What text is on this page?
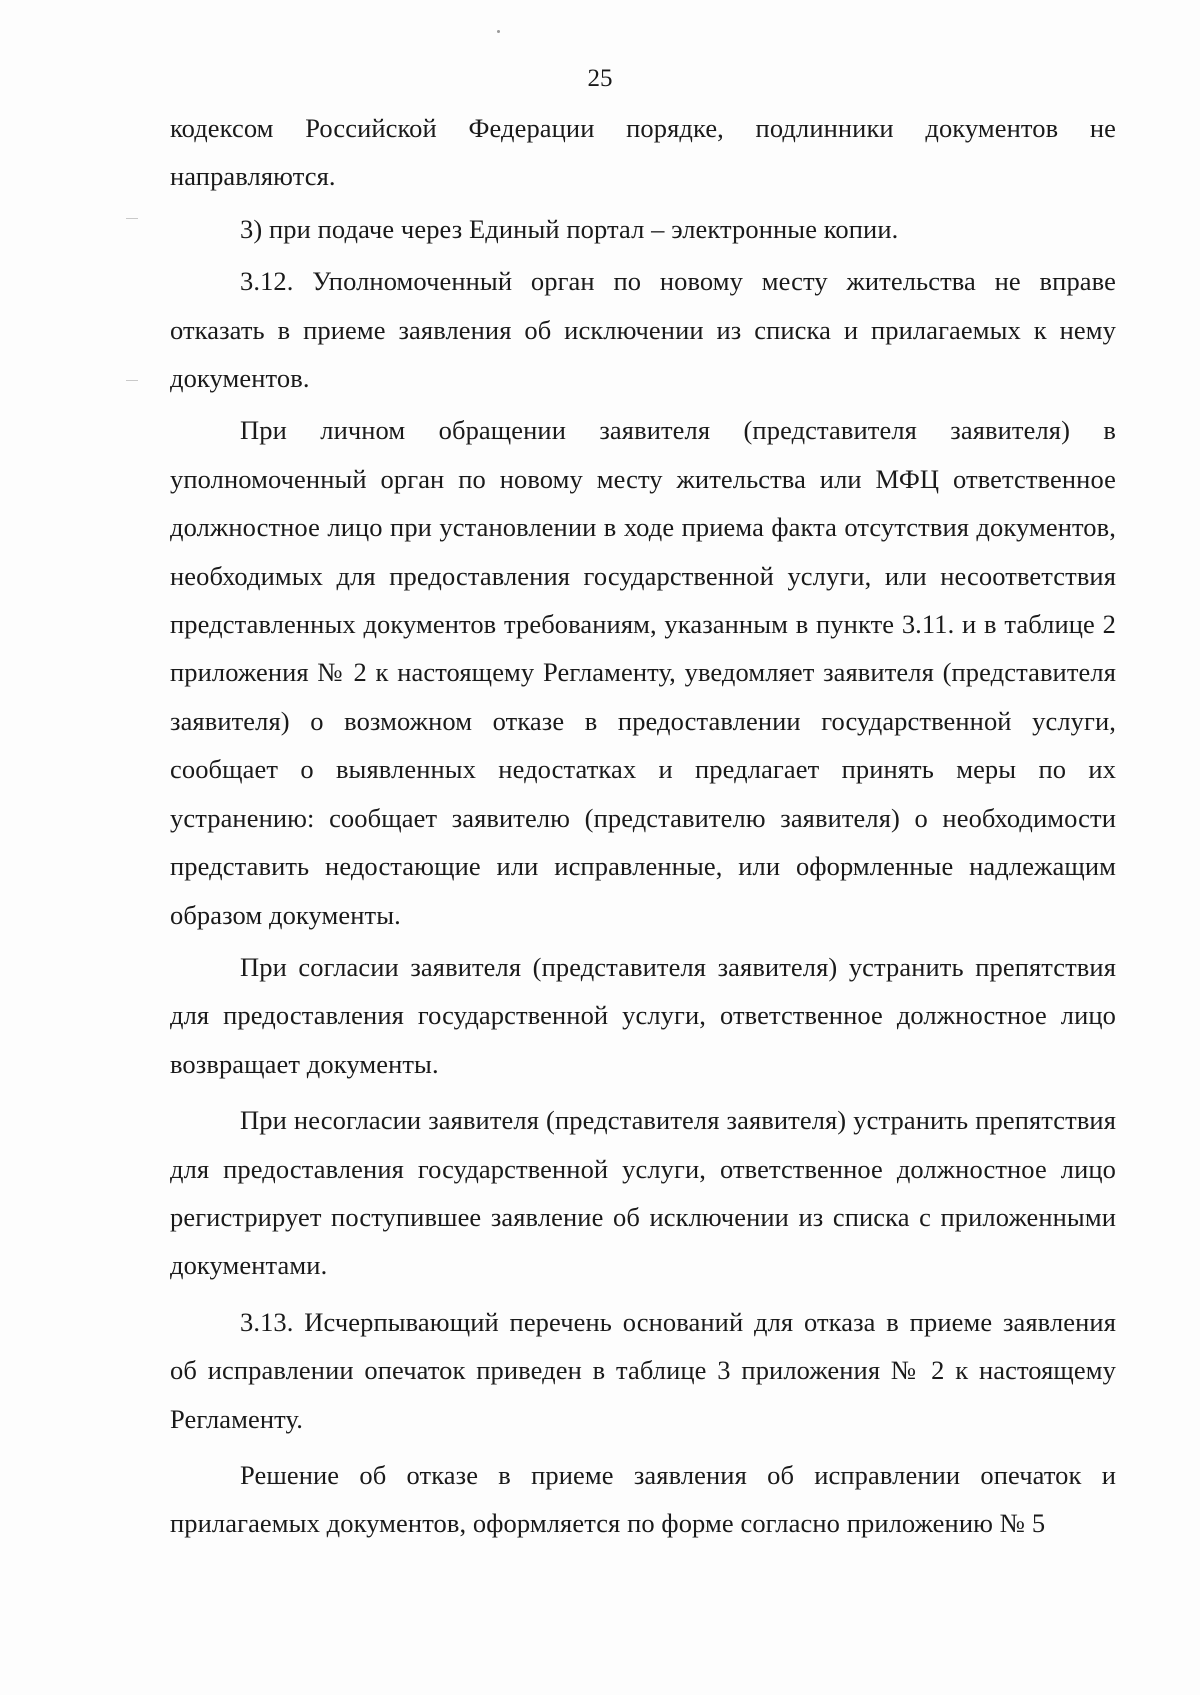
25

кодексом Российской Федерации порядке, подлинники документов не направляются.

3) при подаче через Единый портал – электронные копии.

3.12. Уполномоченный орган по новому месту жительства не вправе отказать в приеме заявления об исключении из списка и прилагаемых к нему документов.

При личном обращении заявителя (представителя заявителя) в уполномоченный орган по новому месту жительства или МФЦ ответственное должностное лицо при установлении в ходе приема факта отсутствия документов, необходимых для предоставления государственной услуги, или несоответствия представленных документов требованиям, указанным в пункте 3.11. и в таблице 2 приложения № 2 к настоящему Регламенту, уведомляет заявителя (представителя заявителя) о возможном отказе в предоставлении государственной услуги, сообщает о выявленных недостатках и предлагает принять меры по их устранению: сообщает заявителю (представителю заявителя) о необходимости представить недостающие или исправленные, или оформленные надлежащим образом документы.

При согласии заявителя (представителя заявителя) устранить препятствия для предоставления государственной услуги, ответственное должностное лицо возвращает документы.

При несогласии заявителя (представителя заявителя) устранить препятствия для предоставления государственной услуги, ответственное должностное лицо регистрирует поступившее заявление об исключении из списка с приложенными документами.

3.13. Исчерпывающий перечень оснований для отказа в приеме заявления об исправлении опечаток приведен в таблице 3 приложения № 2 к настоящему Регламенту.

Решение об отказе в приеме заявления об исправлении опечаток и прилагаемых документов, оформляется по форме согласно приложению № 5
